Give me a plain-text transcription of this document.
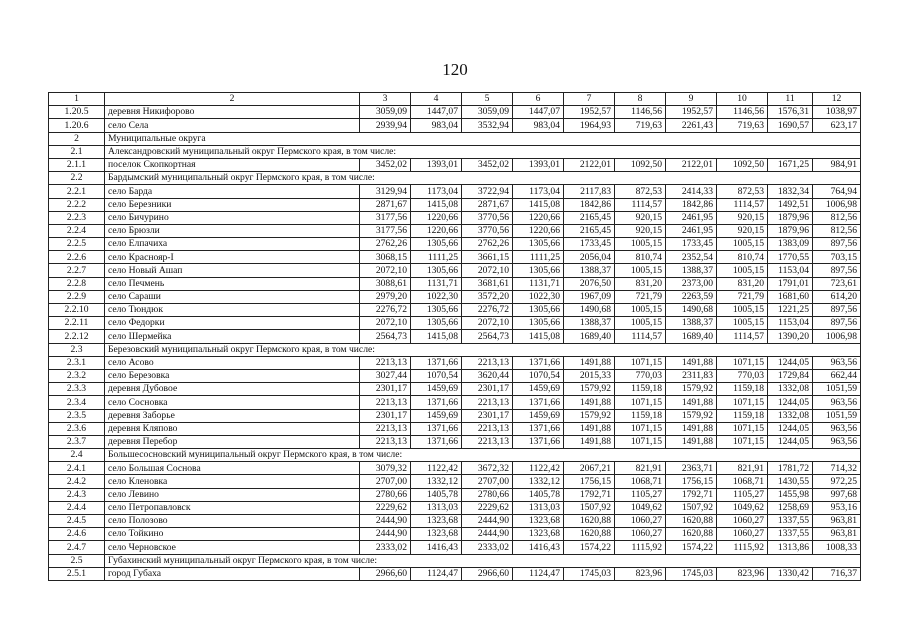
120
1	2	3	4	5	6	7	8	9	10	11	12
1.20.5	деревня Никифорово	3059,09	1447,07	3059,09	1447,07	1952,57	1146,56	1952,57	1146,56	1576,31	1038,97
1.20.6	село Села	2939,94	983,04	3532,94	983,04	1964,93	719,63	2261,43	719,63	1690,57	623,17
2	Муниципальные округа										
2.1	Александровский муниципальный округ Пермского края, в том числе:										
2.1.1	поселок Скопкортная	3452,02	1393,01	3452,02	1393,01	2122,01	1092,50	2122,01	1092,50	1671,25	984,91
2.2	Бардымский муниципальный округ Пермского края, в том числе:										
2.2.1	село Барда	3129,94	1173,04	3722,94	1173,04	2117,83	872,53	2414,33	872,53	1832,34	764,94
2.2.2	село Березники	2871,67	1415,08	2871,67	1415,08	1842,86	1114,57	1842,86	1114,57	1492,51	1006,98
2.2.3	село Бичурино	3177,56	1220,66	3770,56	1220,66	2165,45	920,15	2461,95	920,15	1879,96	812,56
2.2.4	село Брюзли	3177,56	1220,66	3770,56	1220,66	2165,45	920,15	2461,95	920,15	1879,96	812,56
2.2.5	село Елпачиха	2762,26	1305,66	2762,26	1305,66	1733,45	1005,15	1733,45	1005,15	1383,09	897,56
2.2.6	село Краснояр-I	3068,15	1111,25	3661,15	1111,25	2056,04	810,74	2352,54	810,74	1770,55	703,15
2.2.7	село Новый Ашап	2072,10	1305,66	2072,10	1305,66	1388,37	1005,15	1388,37	1005,15	1153,04	897,56
2.2.8	село Печмень	3088,61	1131,71	3681,61	1131,71	2076,50	831,20	2373,00	831,20	1791,01	723,61
2.2.9	село Сараши	2979,20	1022,30	3572,20	1022,30	1967,09	721,79	2263,59	721,79	1681,60	614,20
2.2.10	село Тюндюк	2276,72	1305,66	2276,72	1305,66	1490,68	1005,15	1490,68	1005,15	1221,25	897,56
2.2.11	село Федорки	2072,10	1305,66	2072,10	1305,66	1388,37	1005,15	1388,37	1005,15	1153,04	897,56
2.2.12	село Шермейка	2564,73	1415,08	2564,73	1415,08	1689,40	1114,57	1689,40	1114,57	1390,20	1006,98
2.3	Березовский муниципальный округ Пермского края, в том числе:										
2.3.1	село Асово	2213,13	1371,66	2213,13	1371,66	1491,88	1071,15	1491,88	1071,15	1244,05	963,56
2.3.2	село Березовка	3027,44	1070,54	3620,44	1070,54	2015,33	770,03	2311,83	770,03	1729,84	662,44
2.3.3	деревня Дубовое	2301,17	1459,69	2301,17	1459,69	1579,92	1159,18	1579,92	1159,18	1332,08	1051,59
2.3.4	село Сосновка	2213,13	1371,66	2213,13	1371,66	1491,88	1071,15	1491,88	1071,15	1244,05	963,56
2.3.5	деревня Заборье	2301,17	1459,69	2301,17	1459,69	1579,92	1159,18	1579,92	1159,18	1332,08	1051,59
2.3.6	деревня Кляпово	2213,13	1371,66	2213,13	1371,66	1491,88	1071,15	1491,88	1071,15	1244,05	963,56
2.3.7	деревня Перебор	2213,13	1371,66	2213,13	1371,66	1491,88	1071,15	1491,88	1071,15	1244,05	963,56
2.4	Большесосновский муниципальный округ Пермского края, в том числе:										
2.4.1	село Большая Соснова	3079,32	1122,42	3672,32	1122,42	2067,21	821,91	2363,71	821,91	1781,72	714,32
2.4.2	село Кленовка	2707,00	1332,12	2707,00	1332,12	1756,15	1068,71	1756,15	1068,71	1430,55	972,25
2.4.3	село Левино	2780,66	1405,78	2780,66	1405,78	1792,71	1105,27	1792,71	1105,27	1455,98	997,68
2.4.4	село Петропавловск	2229,62	1313,03	2229,62	1313,03	1507,92	1049,62	1507,92	1049,62	1258,69	953,16
2.4.5	село Полозово	2444,90	1323,68	2444,90	1323,68	1620,88	1060,27	1620,88	1060,27	1337,55	963,81
2.4.6	село Тойкино	2444,90	1323,68	2444,90	1323,68	1620,88	1060,27	1620,88	1060,27	1337,55	963,81
2.4.7	село Черновское	2333,02	1416,43	2333,02	1416,43	1574,22	1115,92	1574,22	1115,92	1313,86	1008,33
2.5	Губахинский муниципальный округ Пермского края, в том числе:										
2.5.1	город Губаха	2966,60	1124,47	2966,60	1124,47	1745,03	823,96	1745,03	823,96	1330,42	716,37
